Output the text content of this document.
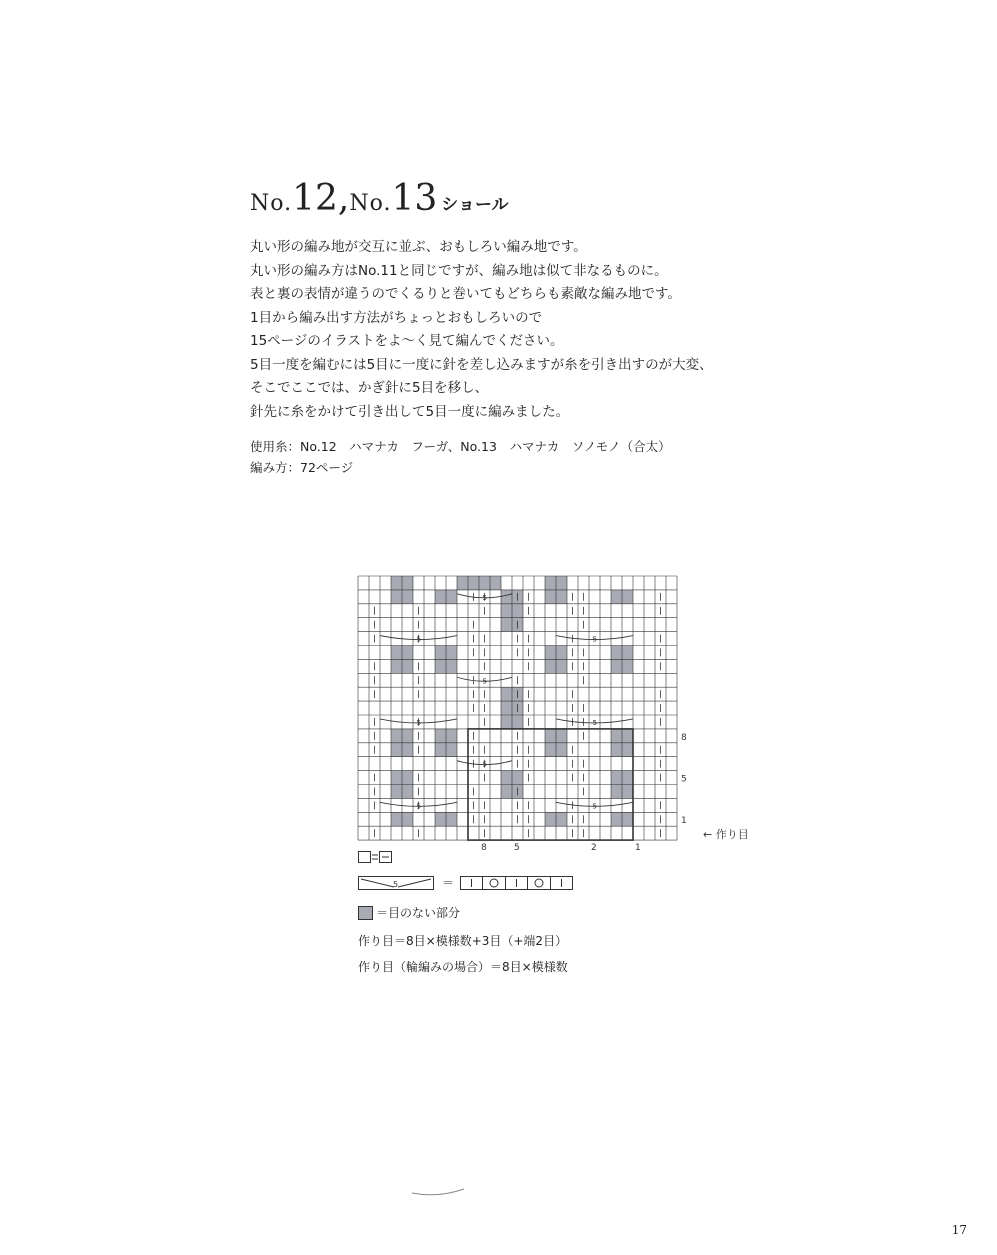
No.12,No.13 ショール
丸い形の編み地が交互に並ぶ、おもしろい編み地です。
丸い形の編み方はNo.11と同じですが、編み地は似て非なるものに。
表と裏の表情が違うのでくるりと巻いてもどちらも素敵な編み地です。
1目から編み出す方法がちょっとおもしろいので
15ページのイラストをよ～く見て編んでください。
5目一度を編むには5目に一度に針を差し込みますが糸を引き出すのが大変、
そこでここでは、かぎ針に5目を移し、
針先に糸をかけて引き出して5目一度に編みました。
使用糸：No.12　ハマナカ　フーガ、No.13　ハマナカ　ソノモノ（合太）
編み方：72ページ
5
5	5
5	5
5	5
5
5
8
5
1
8	5	2	1
← 作り目
5	＝
＝目のない部分
作り目＝8目×模様数+3目（+端2目）
作り目（輪編みの場合）＝8目×模様数
17
